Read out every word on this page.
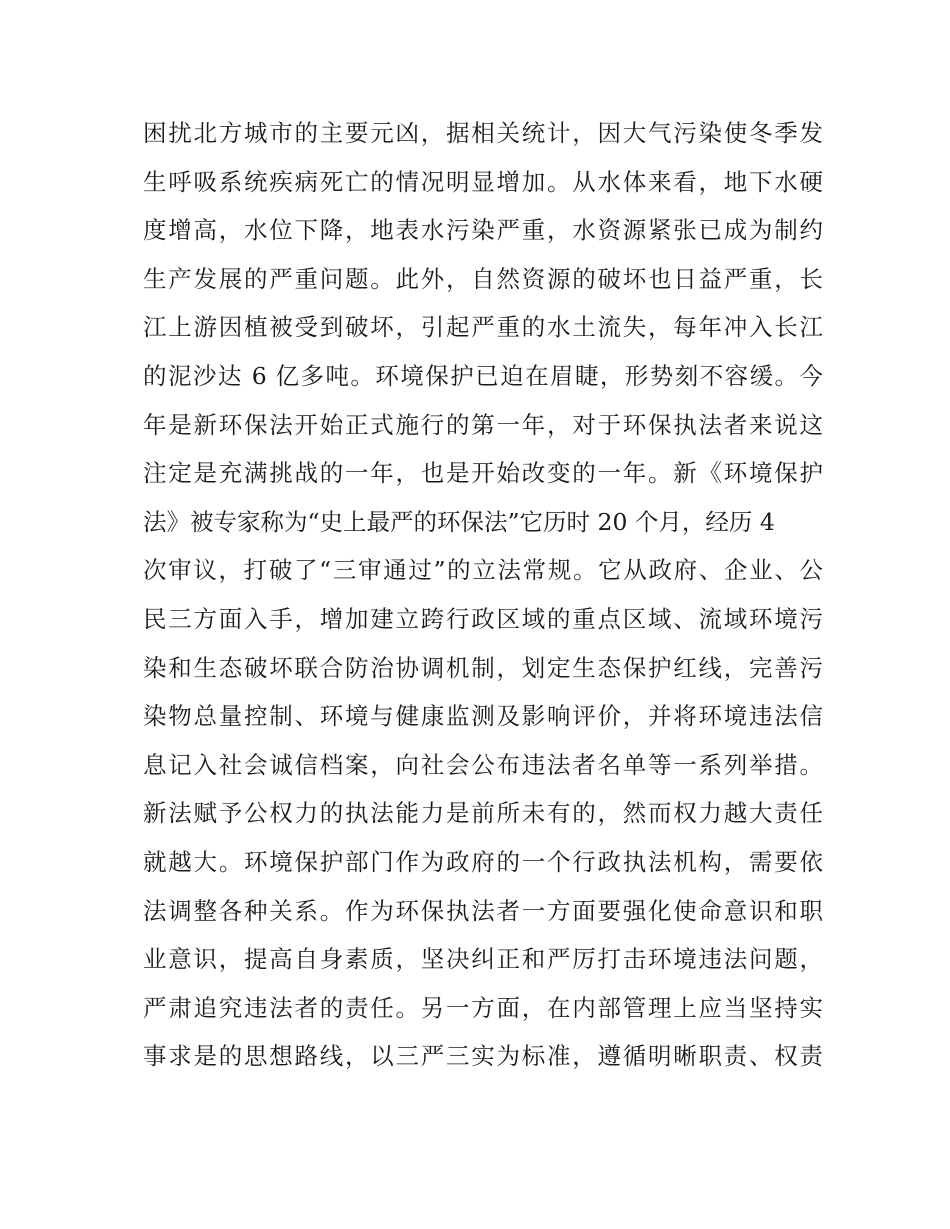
困扰北方城市的主要元凶，据相关统计，因大气污染使冬季发
生呼吸系统疾病死亡的情况明显增加。从水体来看，地下水硬
度增高，水位下降，地表水污染严重，水资源紧张已成为制约
生产发展的严重问题。此外，自然资源的破坏也日益严重，长
江上游因植被受到破坏，引起严重的水土流失，每年冲入长江
的泥沙达 6 亿多吨。环境保护已迫在眉睫，形势刻不容缓。今
年是新环保法开始正式施行的第一年，对于环保执法者来说这
注定是充满挑战的一年，也是开始改变的一年。新《环境保护
法》被专家称为“史上最严的环保法”它历时 20 个月，经历 4
次审议，打破了“三审通过”的立法常规。它从政府、企业、公
民三方面入手，增加建立跨行政区域的重点区域、流域环境污
染和生态破坏联合防治协调机制，划定生态保护红线，完善污
染物总量控制、环境与健康监测及影响评价，并将环境违法信
息记入社会诚信档案，向社会公布违法者名单等一系列举措。
新法赋予公权力的执法能力是前所未有的，然而权力越大责任
就越大。环境保护部门作为政府的一个行政执法机构，需要依
法调整各种关系。作为环保执法者一方面要强化使命意识和职
业意识，提高自身素质，坚决纠正和严厉打击环境违法问题，
严肃追究违法者的责任。另一方面，在内部管理上应当坚持实
事求是的思想路线，以三严三实为标准，遵循明晰职责、权责
